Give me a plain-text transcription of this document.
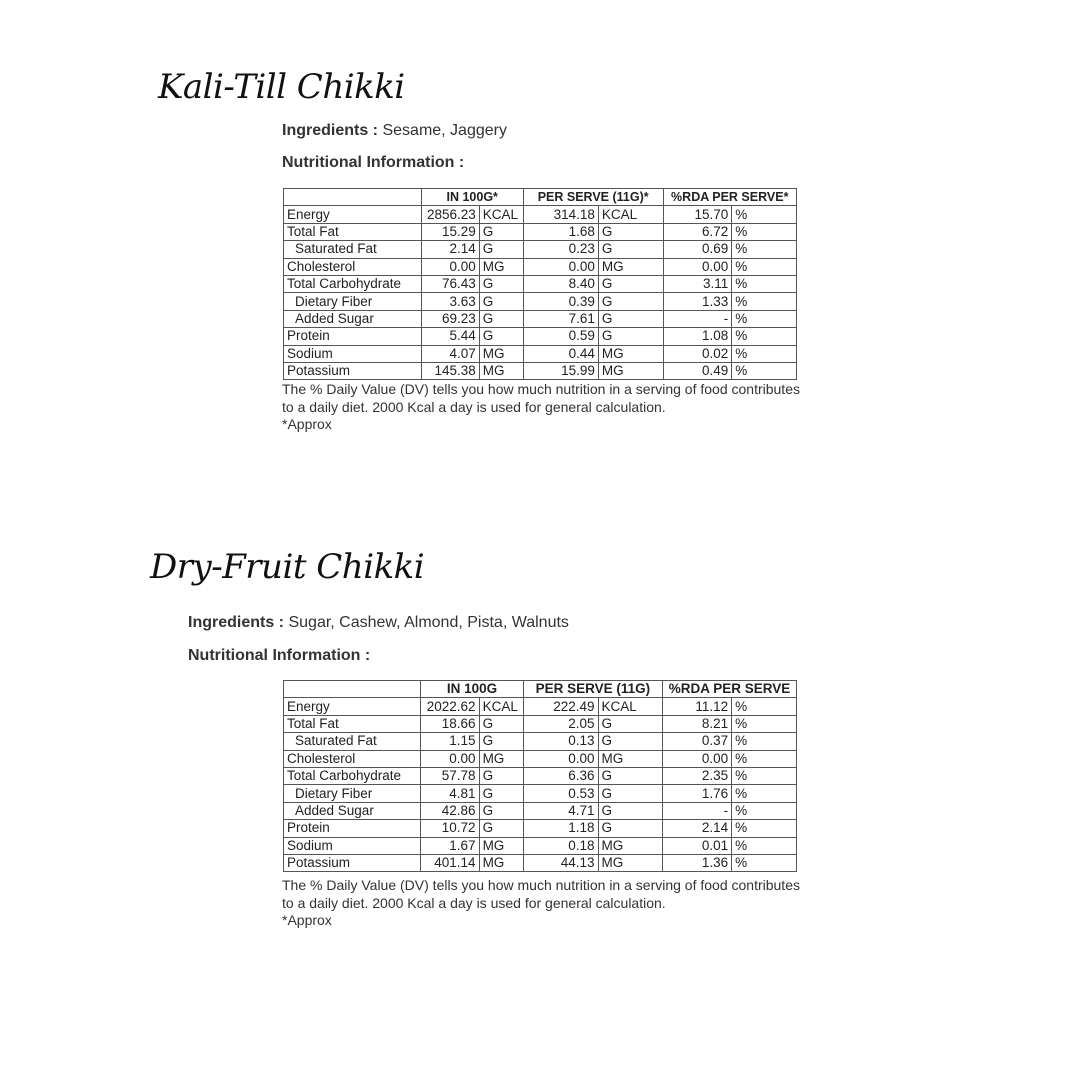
Kali-Till Chikki

Ingredients : Sesame, Jaggery

Nutritional Information :

	IN 100G*		PER SERVE (11G)*		%RDA PER SERVE*	
Energy	2856.23	KCAL	314.18	KCAL	15.70	%
Total Fat	15.29	G	1.68	G	6.72	%
Saturated Fat	2.14	G	0.23	G	0.69	%
Cholesterol	0.00	MG	0.00	MG	0.00	%
Total Carbohydrate	76.43	G	8.40	G	3.11	%
Dietary Fiber	3.63	G	0.39	G	1.33	%
Added Sugar	69.23	G	7.61	G	-	%
Protein	5.44	G	0.59	G	1.08	%
Sodium	4.07	MG	0.44	MG	0.02	%
Potassium	145.38	MG	15.99	MG	0.49	%

The % Daily Value (DV) tells you how much nutrition in a serving of food contributes
to a daily diet. 2000 Kcal a day is used for general calculation.
*Approx

Dry-Fruit Chikki

Ingredients : Sugar, Cashew, Almond, Pista, Walnuts

Nutritional Information :

	IN 100G		PER SERVE (11G)		%RDA PER SERVE	
Energy	2022.62	KCAL	222.49	KCAL	11.12	%
Total Fat	18.66	G	2.05	G	8.21	%
Saturated Fat	1.15	G	0.13	G	0.37	%
Cholesterol	0.00	MG	0.00	MG	0.00	%
Total Carbohydrate	57.78	G	6.36	G	2.35	%
Dietary Fiber	4.81	G	0.53	G	1.76	%
Added Sugar	42.86	G	4.71	G	-	%
Protein	10.72	G	1.18	G	2.14	%
Sodium	1.67	MG	0.18	MG	0.01	%
Potassium	401.14	MG	44.13	MG	1.36	%

The % Daily Value (DV) tells you how much nutrition in a serving of food contributes
to a daily diet. 2000 Kcal a day is used for general calculation.
*Approx
